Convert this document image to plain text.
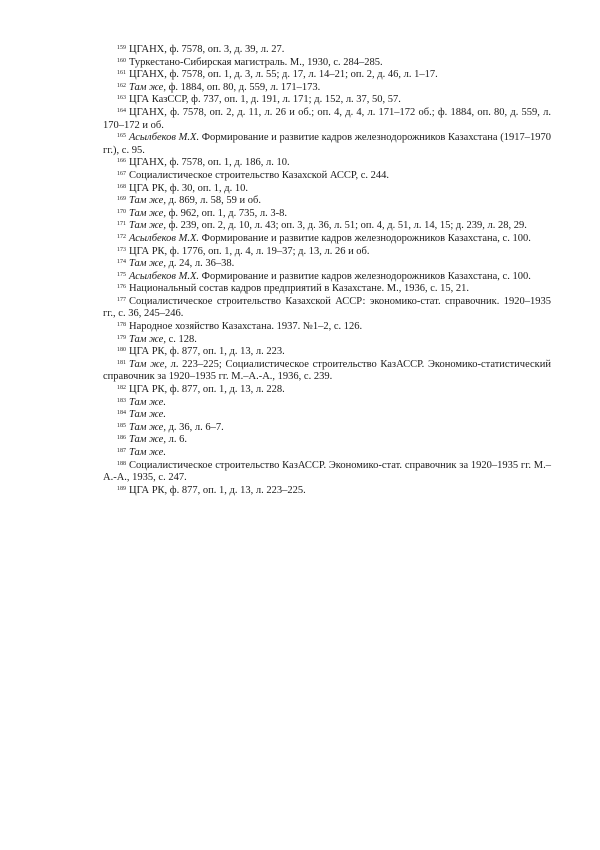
$^{159}$ ЦГАНХ, ф. 7578, оп. 3, д. 39, л. 27.

$^{160}$ Туркестано-Сибирская магистраль. М., 1930, с. 284–285.

$^{161}$ ЦГАНХ, ф. 7578, оп. 1, д. 3, л. 55; д. 17, л. 14–21; оп. 2, д. 46, л. 1–17.

$^{162}$ Там же, ф. 1884, оп. 80, д. 559, л. 171–173.

$^{163}$ ЦГА КазССР, ф. 737, оп. 1, д. 191, л. 171; д. 152, л. 37, 50, 57.

$^{164}$ ЦГАНХ, ф. 7578, оп. 2, д. 11, л. 26 и об.; оп. 4, д. 4, л. 171–172 об.; ф. 1884, оп. 80, д. 559, л. 170–172 и об.

$^{165}$ Асылбеков М.Х. Формирование и развитие кадров железнодорожников Казахстана (1917–1970 гг.), с. 95.

$^{166}$ ЦГАНХ, ф. 7578, оп. 1, д. 186, л. 10.

$^{167}$ Социалистическое строительство Казахской АССР, с. 244.

$^{168}$ ЦГА РК, ф. 30, оп. 1, д. 10.

$^{169}$ Там же, д. 869, л. 58, 59 и об.

$^{170}$ Там же, ф. 962, оп. 1, д. 735, л. 3-8.

$^{171}$ Там же, ф. 239, оп. 2, д. 10, л. 43; оп. 3, д. 36, л. 51; оп. 4, д. 51, л. 14, 15; д. 239, л. 28, 29.

$^{172}$ Асылбеков М.Х. Формирование и развитие кадров железнодорожников Казахстана, с. 100.

$^{173}$ ЦГА РК, ф. 1776, оп. 1, д. 4, л. 19–37; д. 13, л. 26 и об.

$^{174}$ Там же, д. 24, л. 36–38.

$^{175}$ Асылбеков М.Х. Формирование и развитие кадров железнодорожников Казахстана, с. 100.

$^{176}$ Национальный состав кадров предприятий в Казахстане. М., 1936, с. 15, 21.

$^{177}$ Социалистическое строительство Казахской АССР: экономико-стат. справочник. 1920–1935 гг., с. 36, 245–246.

$^{178}$ Народное хозяйство Казахстана. 1937. №1–2, с. 126.

$^{179}$ Там же, с. 128.

$^{180}$ ЦГА РК, ф. 877, оп. 1, д. 13, л. 223.

$^{181}$ Там же, л. 223–225; Социалистическое строительство КазАССР. Экономико-статистический справочник за 1920–1935 гг. М.–А.-А., 1936, с. 239.

$^{182}$ ЦГА РК, ф. 877, оп. 1, д. 13, л. 228.

$^{183}$ Там же.

$^{184}$ Там же.

$^{185}$ Там же, д. 36, л. 6–7.

$^{186}$ Там же, л. 6.

$^{187}$ Там же.

$^{188}$ Социалистическое строительство КазАССР. Экономико-стат. справочник за 1920–1935 гг. М.–А.-А., 1935, с. 247.

$^{189}$ ЦГА РК, ф. 877, оп. 1, д. 13, л. 223–225.
